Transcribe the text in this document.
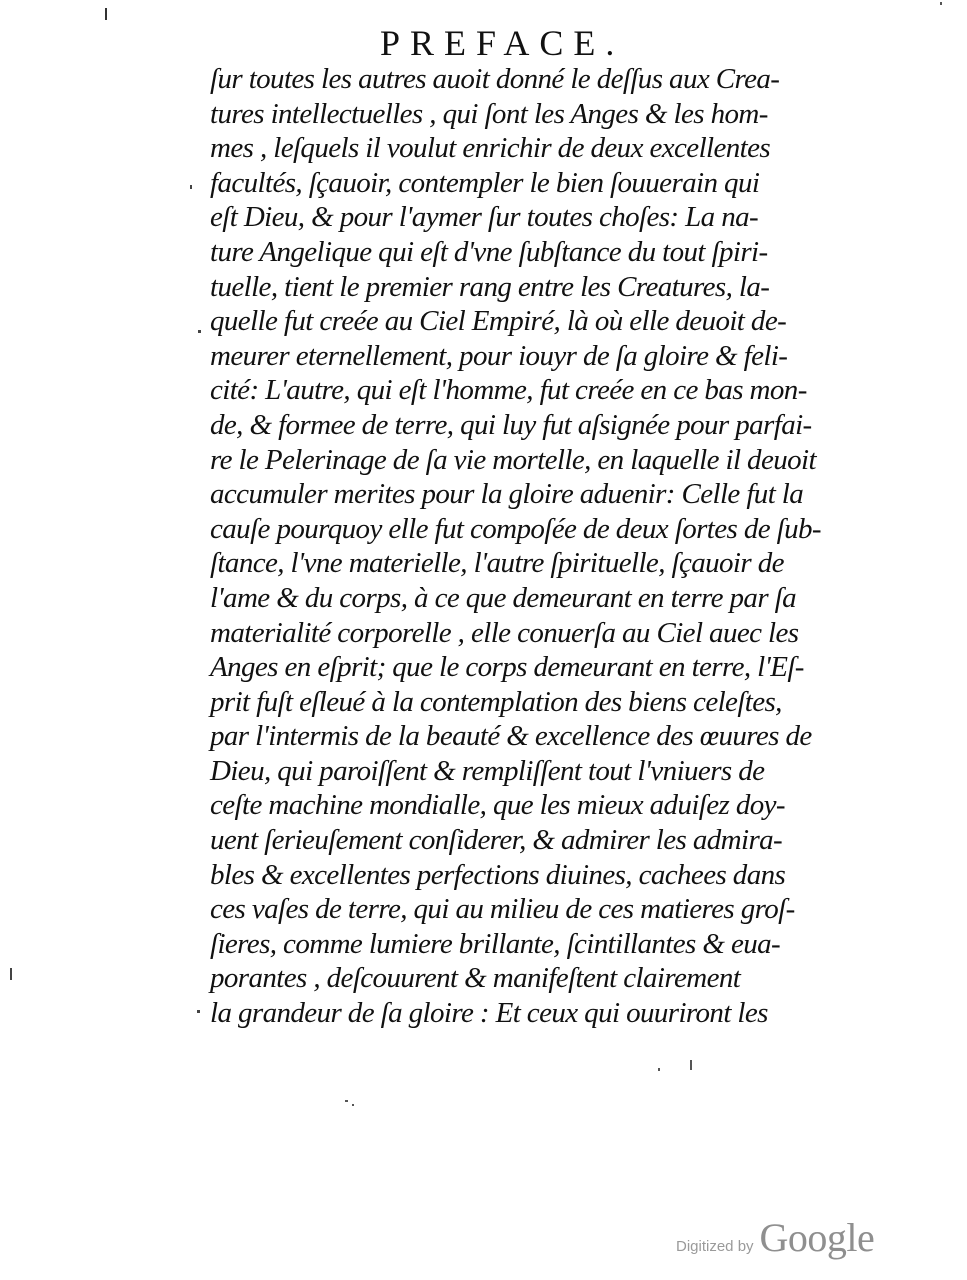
PREFACE.
ſur toutes les autres auoit donné le deſſus aux Crea-
tures intellectuelles , qui ſont les Anges & les hom-
mes , leſquels il voulut enrichir de deux excellentes
facultés, ſçauoir, contempler le bien ſouuerain qui
eſt Dieu, & pour l'aymer ſur toutes choſes: La na-
ture Angelique qui eſt d'vne ſubſtance du tout ſpiri-
tuelle, tient le premier rang entre les Creatures, la-
quelle fut creée au Ciel Empiré, là où elle deuoit de-
meurer eternellement, pour iouyr de ſa gloire & feli-
cité: L'autre, qui eſt l'homme, fut creée en ce bas mon-
de, & formee de terre, qui luy fut aſsignée pour parfai-
re le Pelerinage de ſa vie mortelle, en laquelle il deuoit
accumuler merites pour la gloire aduenir: Celle fut la
cauſe pourquoy elle fut compoſée de deux ſortes de ſub-
ſtance, l'vne materielle, l'autre ſpirituelle, ſçauoir de
l'ame & du corps, à ce que demeurant en terre par ſa
materialité corporelle , elle conuerſa au Ciel auec les
Anges en eſprit; que le corps demeurant en terre, l'Eſ-
prit fuſt eſleué à la contemplation des biens celeſtes,
par l'intermis de la beauté & excellence des œuures de
Dieu, qui paroiſſent & rempliſſent tout l'vniuers de
ceſte machine mondialle, que les mieux aduiſez doy-
uent ſerieuſement conſiderer, & admirer les admira-
bles & excellentes perfections diuines, cachees dans
ces vaſes de terre, qui au milieu de ces matieres groſ-
ſieres, comme lumiere brillante, ſcintillantes & eua-
porantes , deſcouurent & manifeſtent clairement
la grandeur de ſa gloire : Et ceux qui ouuriront les
Digitized by Google
